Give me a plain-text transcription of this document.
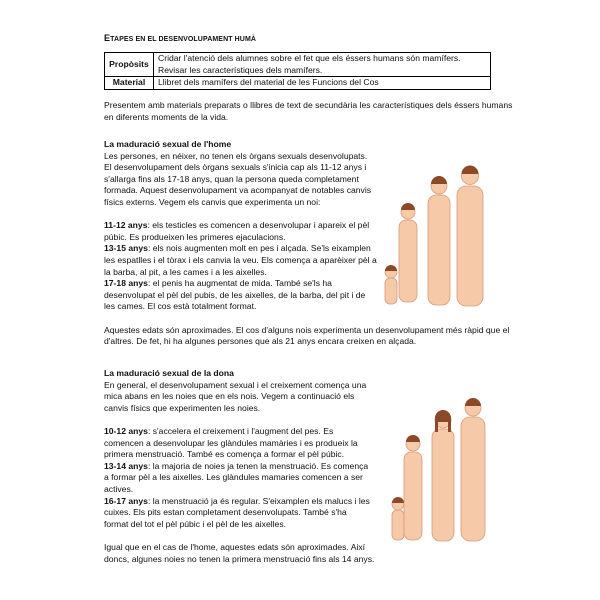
ETAPES EN EL DESENVOLUPAMENT HUMÀ
Propòsits	Cridar l'atenció dels alumnes sobre el fet que els éssers humans són mamífers.
Revisar les característiques dels mamífers.

Material	Llibret dels mamífers del material de les Funcions del Cos
Presentem amb materials preparats o llibres de text de secundària les característiques dels éssers humans
en diferents moments de la vida.
La maduració sexual de l'home
Les persones, en néixer, no tenen els òrgans sexuals desenvolupats.
El desenvolupament dels òrgans sexuals s'inicia cap als 11-12 anys i
s'allarga fins als 17-18 anys, quan la persona queda completament
formada. Aquest desenvolupament va acompanyat de notables canvis
físics externs. Vegem els canvis que experimenta un noi:
11-12 anys: els testicles es comencen a desenvolupar i apareix el pèl
púbic. Es produeixen les primeres ejaculacions.
13-15 anys: els nois augmenten molt en pes i alçada. Se'ls eixamplen
les espatlles i el tòrax i els canvia la veu. Els comença a aparèixer pèl a
la barba, al pit, a les cames i a les aixelles.
17-18 anys: el penis ha augmentat de mida. També se'ls ha
desenvolupat el pèl del pubis, de les aixelles, de la barba, del pit i de
les cames. El cos està totalment format.
Aquestes edats són aproximades. El cos d'alguns nois experimenta un desenvolupament més ràpid que el
d'altres. De fet, hi ha algunes persones que als 21 anys encara creixen en alçada.
La maduració sexual de la dona
En general, el desenvolupament sexual i el creixement comença una
mica abans en les noies que en els nois. Vegem a continuació els
canvis físics que experimenten les noies.
10-12 anys: s'accelera el creixement i l'augment del pes. Es
comencen a desenvolupar les glàndules mamàries i es produeix la
primera menstruació. També es comença a formar el pèl púbic.
13-14 anys: la majoria de noies ja tenen la menstruació. Es comença
a formar pèl a les aixelles. Les glàndules mamaries comencen a ser
actives.
16-17 anys: la menstruació ja és regular. S'eixamplen els malucs i les
cuixes. Els pits estan completament desenvolupats. També s'ha
format del tot el pèl púbic i el pèl de les aixelles.
Igual que en el cas de l'home, aquestes edats són aproximades. Així
doncs, algunes noies no tenen la primera menstruació fins als 14 anys.
